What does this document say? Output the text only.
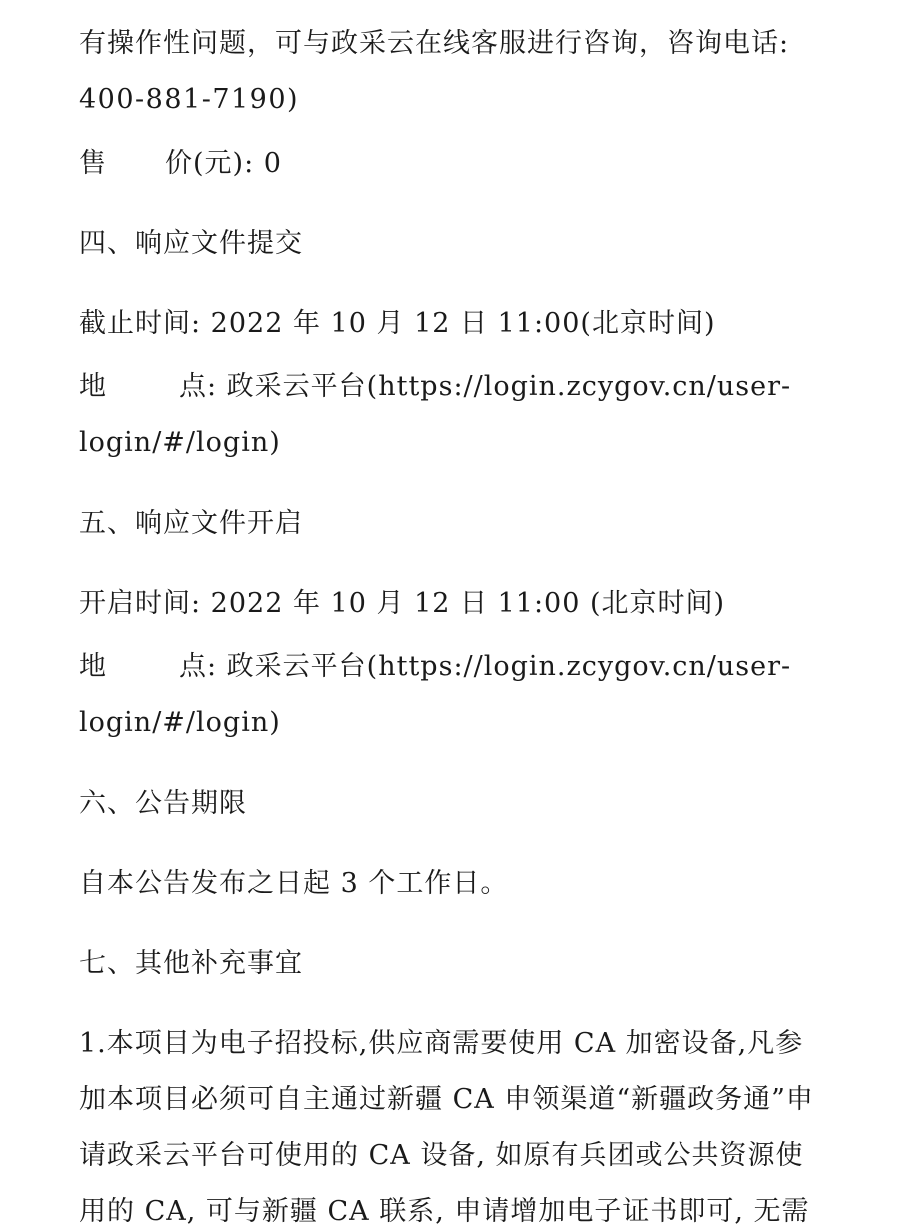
有操作性问题，可与政采云在线客服进行咨询，咨询电话:
400-881-7190)
售 价(元): 0
四、响应文件提交
截止时间: 2022 年 10 月 12 日 11:00(北京时间)
地	点: 政采云平台(https://login.zcygov.cn/user-
login/#/login)
五、响应文件开启
开启时间: 2022 年 10 月 12 日 11:00 (北京时间)
地	点: 政采云平台(https://login.zcygov.cn/user-
login/#/login)
六、公告期限
自本公告发布之日起 3 个工作日。
七、其他补充事宜
1.本项目为电子招投标,供应商需要使用 CA 加密设备,凡参
加本项目必须可自主通过新疆 CA 申领渠道“新疆政务通”申
请政采云平台可使用的 CA 设备, 如原有兵团或公共资源使
用的 CA, 可与新疆 CA 联系, 申请增加电子证书即可, 无需
